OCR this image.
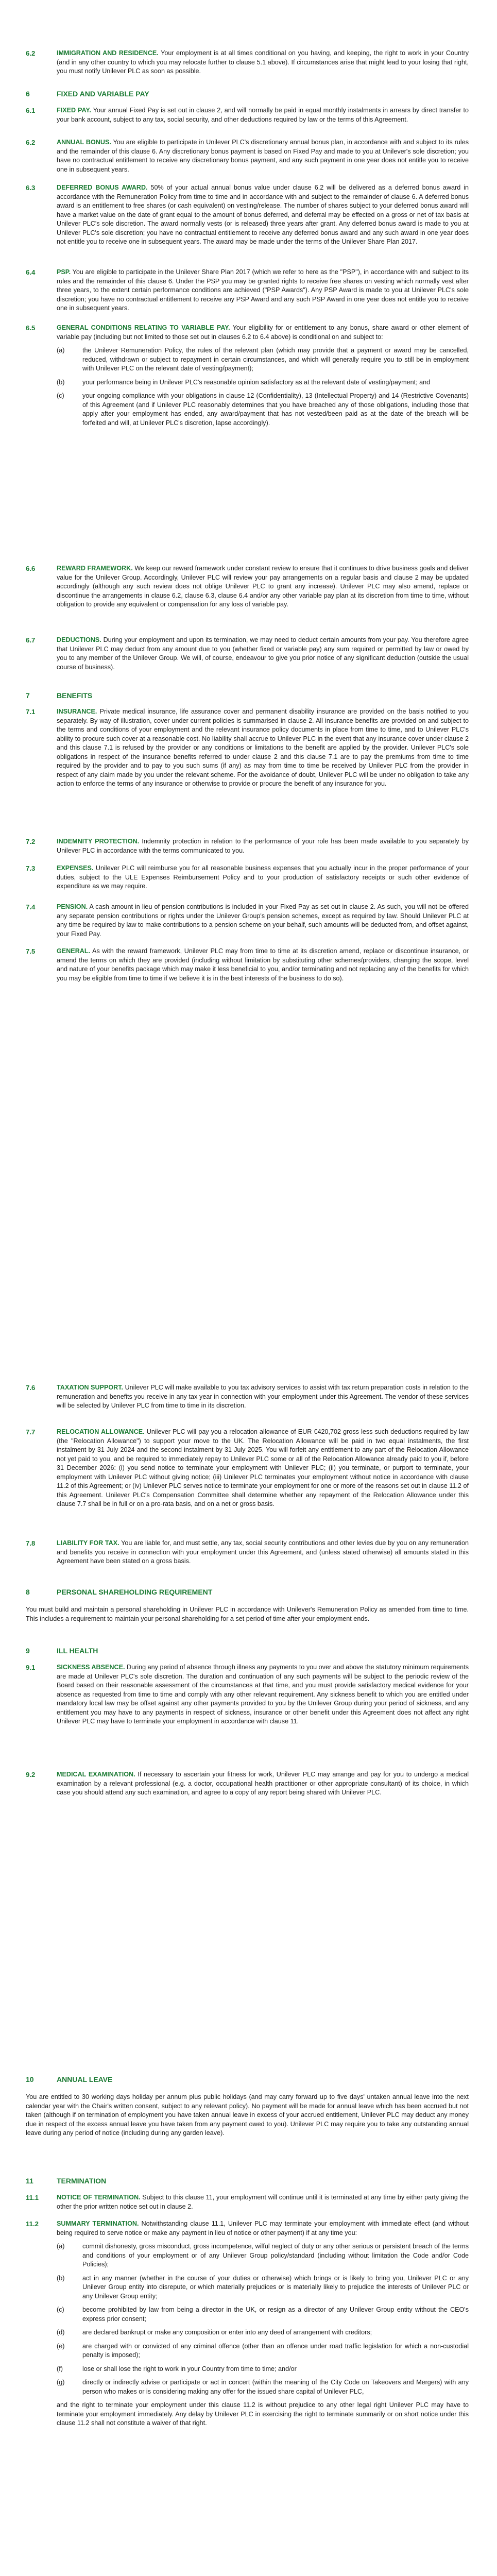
6.2	IMMIGRATION AND RESIDENCE. Your employment is at all times conditional on you having, and keeping, the right to work in your Country (and in any other country to which you may relocate further to clause 5.1 above). If circumstances arise that might lead to your losing that right, you must notify Unilever PLC as soon as possible.
6	FIXED AND VARIABLE PAY
6.1	FIXED PAY. Your annual Fixed Pay is set out in clause 2, and will normally be paid in equal monthly instalments in arrears by direct transfer to your bank account, subject to any tax, social security, and other deductions required by law or the terms of this Agreement.
6.2	ANNUAL BONUS. You are eligible to participate in Unilever PLC's discretionary annual bonus plan, in accordance with and subject to its rules and the remainder of this clause 6. Any discretionary bonus payment is based on Fixed Pay and made to you at Unilever's sole discretion; you have no contractual entitlement to receive any discretionary bonus payment, and any such payment in one year does not entitle you to receive one in subsequent years.
6.3	DEFERRED BONUS AWARD. 50% of your actual annual bonus value under clause 6.2 will be delivered as a deferred bonus award in accordance with the Remuneration Policy from time to time and in accordance with and subject to the remainder of clause 6. A deferred bonus award is an entitlement to free shares (or cash equivalent) on vesting/release. The number of shares subject to your deferred bonus award will have a market value on the date of grant equal to the amount of bonus deferred, and deferral may be effected on a gross or net of tax basis at Unilever PLC's sole discretion. The award normally vests (or is released) three years after grant. Any deferred bonus award is made to you at Unilever PLC's sole discretion; you have no contractual entitlement to receive any deferred bonus award and any such award in one year does not entitle you to receive one in subsequent years. The award may be made under the terms of the Unilever Share Plan 2017.
6.4	PSP. You are eligible to participate in the Unilever Share Plan 2017 (which we refer to here as the "PSP"), in accordance with and subject to its rules and the remainder of this clause 6. Under the PSP you may be granted rights to receive free shares on vesting which normally vest after three years, to the extent certain performance conditions are achieved ("PSP Awards"). Any PSP Award is made to you at Unilever PLC's sole discretion; you have no contractual entitlement to receive any PSP Award and any such PSP Award in one year does not entitle you to receive one in subsequent years.
6.5	GENERAL CONDITIONS RELATING TO VARIABLE PAY. Your eligibility for or entitlement to any bonus, share award or other element of variable pay (including but not limited to those set out in clauses 6.2 to 6.4 above) is conditional on and subject to:
(a)	the Unilever Remuneration Policy, the rules of the relevant plan (which may provide that a payment or award may be cancelled, reduced, withdrawn or subject to repayment in certain circumstances, and which will generally require you to still be in employment with Unilever PLC on the relevant date of vesting/payment);
(b)	your performance being in Unilever PLC's reasonable opinion satisfactory as at the relevant date of vesting/payment; and
(c)	your ongoing compliance with your obligations in clause 12 (Confidentiality), 13 (Intellectual Property) and 14 (Restrictive Covenants) of this Agreement (and if Unilever PLC reasonably determines that you have breached any of those obligations, including those that apply after your employment has ended, any award/payment that has not vested/been paid as at the date of the breach will be forfeited and will, at Unilever PLC's discretion, lapse accordingly).
6.6	REWARD FRAMEWORK. We keep our reward framework under constant review to ensure that it continues to drive business goals and deliver value for the Unilever Group. Accordingly, Unilever PLC will review your pay arrangements on a regular basis and clause 2 may be updated accordingly (although any such review does not oblige Unilever PLC to grant any increase). Unilever PLC may also amend, replace or discontinue the arrangements in clause 6.2, clause 6.3, clause 6.4 and/or any other variable pay plan at its discretion from time to time, without obligation to provide any equivalent or compensation for any loss of variable pay.
6.7	DEDUCTIONS. During your employment and upon its termination, we may need to deduct certain amounts from your pay. You therefore agree that Unilever PLC may deduct from any amount due to you (whether fixed or variable pay) any sum required or permitted by law or owed by you to any member of the Unilever Group. We will, of course, endeavour to give you prior notice of any significant deduction (outside the usual course of business).
7	BENEFITS
7.1	INSURANCE. Private medical insurance, life assurance cover and permanent disability insurance are provided on the basis notified to you separately. By way of illustration, cover under current policies is summarised in clause 2. All insurance benefits are provided on and subject to the terms and conditions of your employment and the relevant insurance policy documents in place from time to time, and to Unilever PLC's ability to procure such cover at a reasonable cost. No liability shall accrue to Unilever PLC in the event that any insurance cover under clause 2 and this clause 7.1 is refused by the provider or any conditions or limitations to the benefit are applied by the provider. Unilever PLC's sole obligations in respect of the insurance benefits referred to under clause 2 and this clause 7.1 are to pay the premiums from time to time required by the provider and to pay to you such sums (if any) as may from time to time be received by Unilever PLC from the provider in respect of any claim made by you under the relevant scheme. For the avoidance of doubt, Unilever PLC will be under no obligation to take any action to enforce the terms of any insurance or otherwise to provide or procure the benefit of any insurance for you.
7.2	INDEMNITY PROTECTION. Indemnity protection in relation to the performance of your role has been made available to you separately by Unilever PLC in accordance with the terms communicated to you.
7.3	EXPENSES. Unilever PLC will reimburse you for all reasonable business expenses that you actually incur in the proper performance of your duties, subject to the ULE Expenses Reimbursement Policy and to your production of satisfactory receipts or such other evidence of expenditure as we may require.
7.4	PENSION. A cash amount in lieu of pension contributions is included in your Fixed Pay as set out in clause 2. As such, you will not be offered any separate pension contributions or rights under the Unilever Group's pension schemes, except as required by law. Should Unilever PLC at any time be required by law to make contributions to a pension scheme on your behalf, such amounts will be deducted from, and offset against, your Fixed Pay.
7.5	GENERAL. As with the reward framework, Unilever PLC may from time to time at its discretion amend, replace or discontinue insurance, or amend the terms on which they are provided (including without limitation by substituting other schemes/providers, changing the scope, level and nature of your benefits package which may make it less beneficial to you, and/or terminating and not replacing any of the benefits for which you may be eligible from time to time if we believe it is in the best interests of the business to do so).
7.6	TAXATION SUPPORT. Unilever PLC will make available to you tax advisory services to assist with tax return preparation costs in relation to the remuneration and benefits you receive in any tax year in connection with your employment under this Agreement. The vendor of these services will be selected by Unilever PLC from time to time in its discretion.
7.7	RELOCATION ALLOWANCE. Unilever PLC will pay you a relocation allowance of EUR €420,702 gross less such deductions required by law (the "Relocation Allowance") to support your move to the UK. The Relocation Allowance will be paid in two equal instalments, the first instalment by 31 July 2024 and the second instalment by 31 July 2025. You will forfeit any entitlement to any part of the Relocation Allowance not yet paid to you, and be required to immediately repay to Unilever PLC some or all of the Relocation Allowance already paid to you if, before 31 December 2026: (i) you send notice to terminate your employment with Unilever PLC; (ii) you terminate, or purport to terminate, your employment with Unilever PLC without giving notice; (iii) Unilever PLC terminates your employment without notice in accordance with clause 11.2 of this Agreement; or (iv) Unilever PLC serves notice to terminate your employment for one or more of the reasons set out in clause 11.2 of this Agreement. Unilever PLC's Compensation Committee shall determine whether any repayment of the Relocation Allowance under this clause 7.7 shall be in full or on a pro-rata basis, and on a net or gross basis.
7.8	LIABILITY FOR TAX. You are liable for, and must settle, any tax, social security contributions and other levies due by you on any remuneration and benefits you receive in connection with your employment under this Agreement, and (unless stated otherwise) all amounts stated in this Agreement have been stated on a gross basis.
8	PERSONAL SHAREHOLDING REQUIREMENT
You must build and maintain a personal shareholding in Unilever PLC in accordance with Unilever's Remuneration Policy as amended from time to time. This includes a requirement to maintain your personal shareholding for a set period of time after your employment ends.
9	ILL HEALTH
9.1	SICKNESS ABSENCE. During any period of absence through illness any payments to you over and above the statutory minimum requirements are made at Unilever PLC's sole discretion. The duration and continuation of any such payments will be subject to the periodic review of the Board based on their reasonable assessment of the circumstances at that time, and you must provide satisfactory medical evidence for your absence as requested from time to time and comply with any other relevant requirement. Any sickness benefit to which you are entitled under mandatory local law may be offset against any other payments provided to you by the Unilever Group during your period of sickness, and any entitlement you may have to any payments in respect of sickness, insurance or other benefit under this Agreement does not affect any right Unilever PLC may have to terminate your employment in accordance with clause 11.
9.2	MEDICAL EXAMINATION. If necessary to ascertain your fitness for work, Unilever PLC may arrange and pay for you to undergo a medical examination by a relevant professional (e.g. a doctor, occupational health practitioner or other appropriate consultant) of its choice, in which case you should attend any such examination, and agree to a copy of any report being shared with Unilever PLC.
10	ANNUAL LEAVE
You are entitled to 30 working days holiday per annum plus public holidays (and may carry forward up to five days' untaken annual leave into the next calendar year with the Chair's written consent, subject to any relevant policy). No payment will be made for annual leave which has been accrued but not taken (although if on termination of employment you have taken annual leave in excess of your accrued entitlement, Unilever PLC may deduct any money due in respect of the excess annual leave you have taken from any payment owed to you). Unilever PLC may require you to take any outstanding annual leave during any period of notice (including during any garden leave).
11	TERMINATION
11.1	NOTICE OF TERMINATION. Subject to this clause 11, your employment will continue until it is terminated at any time by either party giving the other the prior written notice set out in clause 2.
11.2	SUMMARY TERMINATION. Notwithstanding clause 11.1, Unilever PLC may terminate your employment with immediate effect (and without being required to serve notice or make any payment in lieu of notice or other payment) if at any time you:
(a)	commit dishonesty, gross misconduct, gross incompetence, wilful neglect of duty or any other serious or persistent breach of the terms and conditions of your employment or of any Unilever Group policy/standard (including without limitation the Code and/or Code Policies);
(b)	act in any manner (whether in the course of your duties or otherwise) which brings or is likely to bring you, Unilever PLC or any Unilever Group entity into disrepute, or which materially prejudices or is materially likely to prejudice the interests of Unilever PLC or any Unilever Group entity;
(c)	become prohibited by law from being a director in the UK, or resign as a director of any Unilever Group entity without the CEO's express prior consent;
(d)	are declared bankrupt or make any composition or enter into any deed of arrangement with creditors;
(e)	are charged with or convicted of any criminal offence (other than an offence under road traffic legislation for which a non-custodial penalty is imposed);
(f)	lose or shall lose the right to work in your Country from time to time; and/or
(g)	directly or indirectly advise or participate or act in concert (within the meaning of the City Code on Takeovers and Mergers) with any person who makes or is considering making any offer for the issued share capital of Unilever PLC,
and the right to terminate your employment under this clause 11.2 is without prejudice to any other legal right Unilever PLC may have to terminate your employment immediately. Any delay by Unilever PLC in exercising the right to terminate summarily or on short notice under this clause 11.2 shall not constitute a waiver of that right.
